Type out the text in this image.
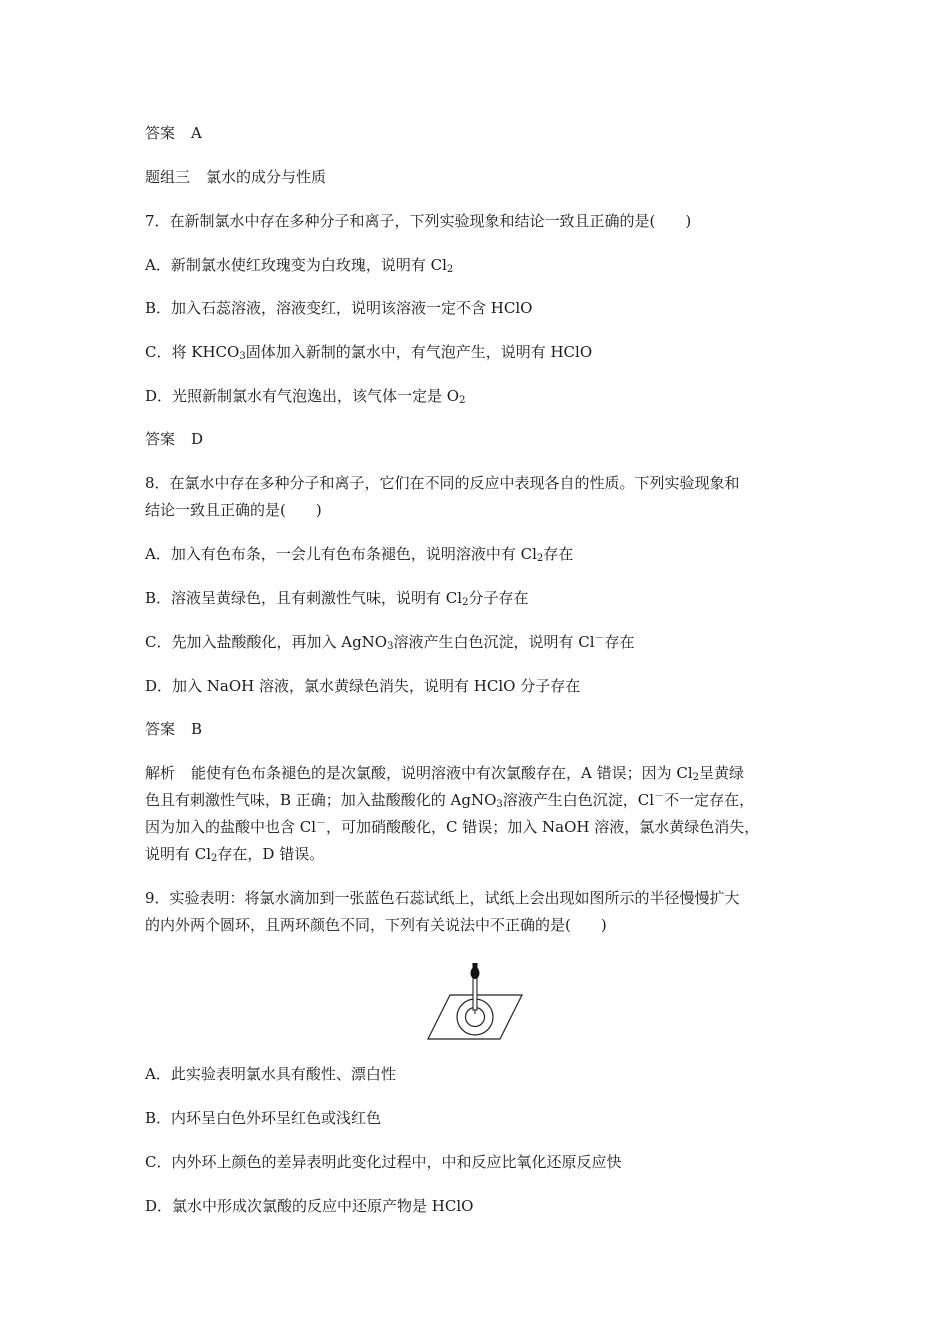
答案 A
题组三 氯水的成分与性质
7．在新制氯水中存在多种分子和离子，下列实验现象和结论一致且正确的是(　　)
A．新制氯水使红玫瑰变为白玫瑰，说明有 $Cl_2$
B．加入石蕊溶液，溶液变红，说明该溶液一定不含 HClO
C．将 $KHCO_3$固体加入新制的氯水中，有气泡产生，说明有 HClO
D．光照新制氯水有气泡逸出，该气体一定是 $O_2$
答案 D
8．在氯水中存在多种分子和离子，它们在不同的反应中表现各自的性质。下列实验现象和
结论一致且正确的是(　　)
A．加入有色布条，一会儿有色布条褪色，说明溶液中有 $Cl_2$存在
B．溶液呈黄绿色，且有刺激性气味，说明有 $Cl_2$分子存在
C．先加入盐酸酸化，再加入 AgNO$_3$溶液产生白色沉淀，说明有 Cl－存在
D．加入 NaOH 溶液，氯水黄绿色消失，说明有 HClO 分子存在
答案 B
解析 能使有色布条褪色的是次氯酸，说明溶液中有次氯酸存在，A 错误；因为 $Cl_2$呈黄绿
色且有刺激性气味，B 正确；加入盐酸酸化的 AgNO$_3$溶液产生白色沉淀，Cl－不一定存在，
因为加入的盐酸中也含 Cl－，可加硝酸酸化，C 错误；加入 NaOH 溶液，氯水黄绿色消失，
说明有 $Cl_2$存在，D 错误。
9．实验表明：将氯水滴加到一张蓝色石蕊试纸上，试纸上会出现如图所示的半径慢慢扩大
的内外两个圆环，且两环颜色不同，下列有关说法中不正确的是(　　)
A．此实验表明氯水具有酸性、漂白性
B．内环呈白色外环呈红色或浅红色
C．内外环上颜色的差异表明此变化过程中，中和反应比氧化还原反应快
D．氯水中形成次氯酸的反应中还原产物是 HClO
